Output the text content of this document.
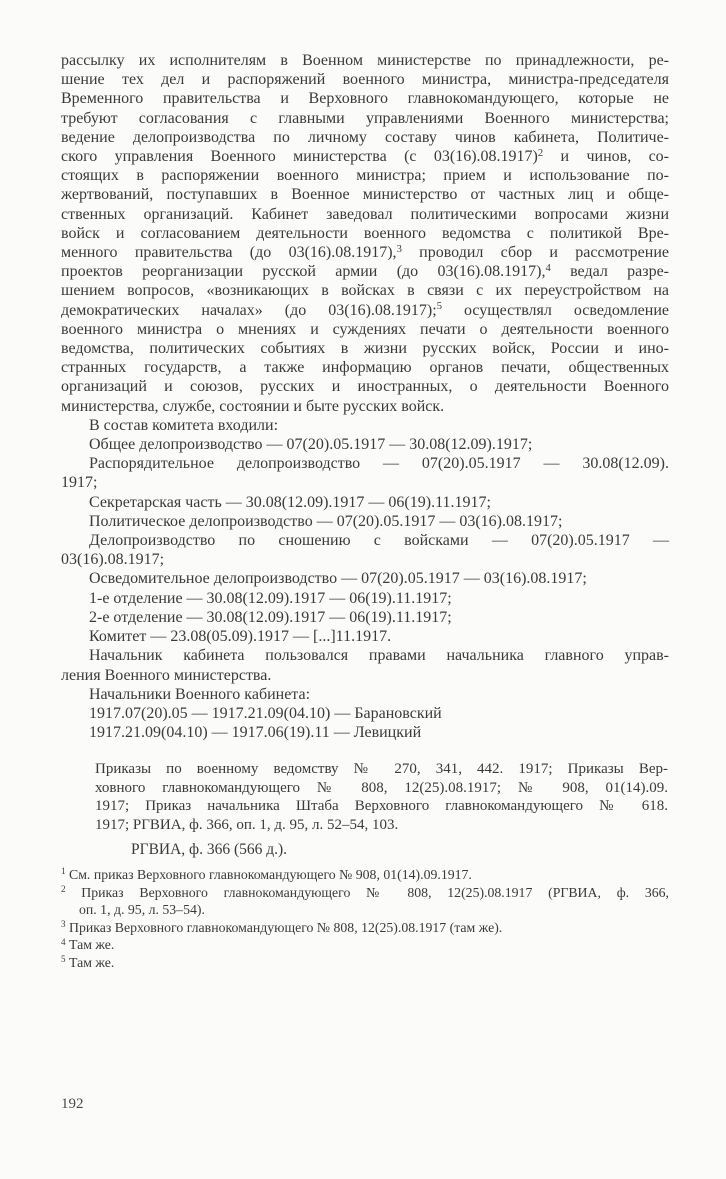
рассылку их исполнителям в Военном министерстве по принадлежности, ре-
шение тех дел и распоряжений военного министра, министра-председателя
Временного правительства и Верховного главнокомандующего, которые не
требуют согласования с главными управлениями Военного министерства;
ведение делопроизводства по личному составу чинов кабинета, Политиче-
ского управления Военного министерства (с 03(16).08.1917)$^2$ и чинов, со-
стоящих в распоряжении военного министра; прием и использование по-
жертвований, поступавших в Военное министерство от частных лиц и обще-
ственных организаций. Кабинет заведовал политическими вопросами жизни
войск и согласованием деятельности военного ведомства с политикой Вре-
менного правительства (до 03(16).08.1917),$^3$ проводил сбор и рассмотрение
проектов реорганизации русской армии (до 03(16).08.1917),$^4$ ведал разре-
шением вопросов, «возникающих в войсках в связи с их переустройством на
демократических началах» (до 03(16).08.1917);$^5$ осуществлял осведомление
военного министра о мнениях и суждениях печати о деятельности военного
ведомства, политических событиях в жизни русских войск, России и ино-
странных государств, а также информацию органов печати, общественных
организаций и союзов, русских и иностранных, о деятельности Военного
министерства, службе, состоянии и быте русских войск.
В состав комитета входили:
Общее делопроизводство — 07(20).05.1917 — 30.08(12.09).1917;
Распорядительное делопроизводство — 07(20).05.1917 — 30.08(12.09).
1917;
Секретарская часть — 30.08(12.09).1917 — 06(19).11.1917;
Политическое делопроизводство — 07(20).05.1917 — 03(16).08.1917;
Делопроизводство по сношению с войсками — 07(20).05.1917 —
03(16).08.1917;
Осведомительное делопроизводство — 07(20).05.1917 — 03(16).08.1917;
1-е отделение — 30.08(12.09).1917 — 06(19).11.1917;
2-е отделение — 30.08(12.09).1917 — 06(19).11.1917;
Комитет — 23.08(05.09).1917 — [...]11.1917.
Начальник кабинета пользовался правами начальника главного управ-
ления Военного министерства.
Начальники Военного кабинета:
1917.07(20).05 — 1917.21.09(04.10) — Барановский
1917.21.09(04.10) — 1917.06(19).11 — Левицкий
Приказы по военному ведомству № 270, 341, 442. 1917; Приказы Вер-
ховного главнокомандующего № 808, 12(25).08.1917; № 908, 01(14).09.
1917; Приказ начальника Штаба Верховного главнокомандующего № 618.
1917; РГВИА, ф. 366, оп. 1, д. 95, л. 52–54, 103.
РГВИА, ф. 366 (566 д.).
$^1$ См. приказ Верховного главнокомандующего № 908, 01(14).09.1917.
$^2$ Приказ Верховного главнокомандующего № 808, 12(25).08.1917 (РГВИА, ф. 366,
оп. 1, д. 95, л. 53–54).
$^3$ Приказ Верховного главнокомандующего № 808, 12(25).08.1917 (там же).
$^4$ Там же.
$^5$ Там же.
192
